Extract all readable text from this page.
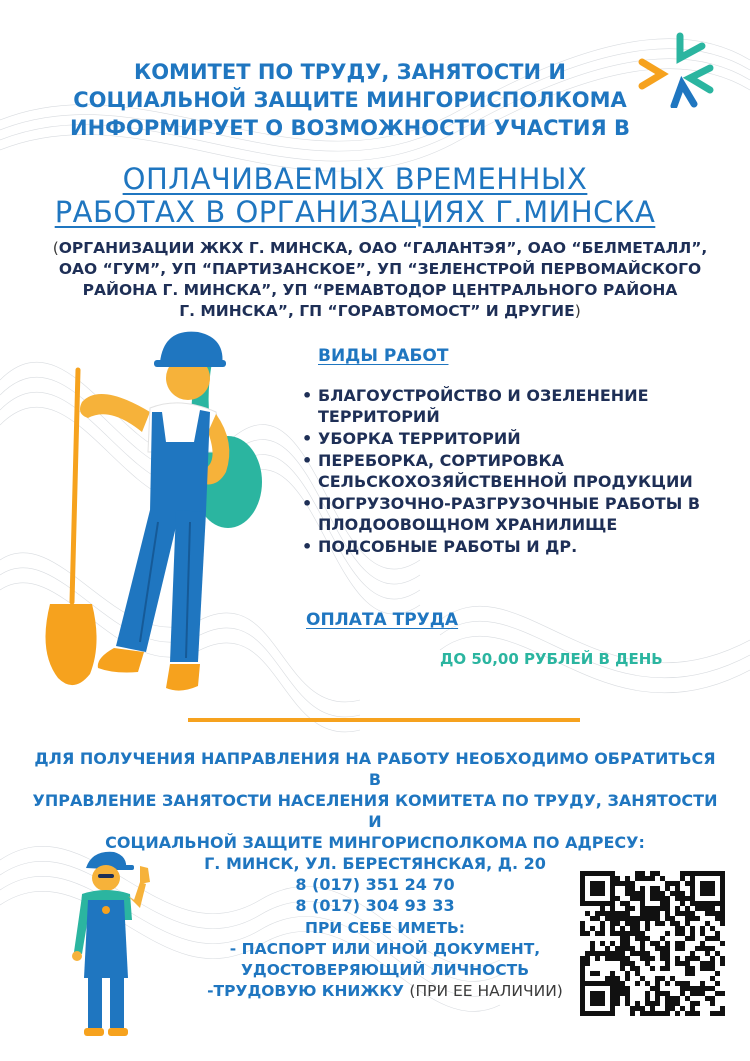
КОМИТЕТ ПО ТРУДУ, ЗАНЯТОСТИ И
СОЦИАЛЬНОЙ ЗАЩИТЕ МИНГОРИСПОЛКОМА
ИНФОРМИРУЕТ О ВОЗМОЖНОСТИ УЧАСТИЯ В
ОПЛАЧИВАЕМЫХ ВРЕМЕННЫХ
РАБОТАХ В ОРГАНИЗАЦИЯХ Г.МИНСКА
(ОРГАНИЗАЦИИ ЖКХ Г. МИНСКА, ОАО “ГАЛАНТЭЯ”, ОАО “БЕЛМЕТАЛЛ”,
ОАО “ГУМ”, УП “ПАРТИЗАНСКОЕ”, УП “ЗЕЛЕНСТРОЙ ПЕРВОМАЙСКОГО
РАЙОНА Г. МИНСКА”, УП “РЕМАВТОДОР ЦЕНТРАЛЬНОГО РАЙОНА
Г. МИНСКА”, ГП “ГОРАВТОМОСТ” И ДРУГИЕ)
ВИДЫ РАБОТ
• БЛАГОУСТРОЙСТВО И ОЗЕЛЕНЕНИЕ ТЕРРИТОРИЙ
• УБОРКА ТЕРРИТОРИЙ
• ПЕРЕБОРКА, СОРТИРОВКА СЕЛЬСКОХОЗЯЙСТВЕННОЙ ПРОДУКЦИИ
• ПОГРУЗОЧНО-РАЗГРУЗОЧНЫЕ РАБОТЫ В ПЛОДООВОЩНОМ ХРАНИЛИЩЕ
• ПОДСОБНЫЕ РАБОТЫ И ДР.
ОПЛАТА ТРУДА
ДО 50,00 РУБЛЕЙ В ДЕНЬ
ДЛЯ ПОЛУЧЕНИЯ НАПРАВЛЕНИЯ НА РАБОТУ НЕОБХОДИМО ОБРАТИТЬСЯ В
УПРАВЛЕНИЕ ЗАНЯТОСТИ НАСЕЛЕНИЯ КОМИТЕТА ПО ТРУДУ, ЗАНЯТОСТИ И
СОЦИАЛЬНОЙ ЗАЩИТЕ МИНГОРИСПОЛКОМА ПО АДРЕСУ:
Г. МИНСК, УЛ. БЕРЕСТЯНСКАЯ, Д. 20
8 (017) 351 24 70
8 (017) 304 93 33
ПРИ СЕБЕ ИМЕТЬ:
- ПАСПОРТ ИЛИ ИНОЙ ДОКУМЕНТ,
УДОСТОВЕРЯЮЩИЙ ЛИЧНОСТЬ
-ТРУДОВУЮ КНИЖКУ (ПРИ ЕЕ НАЛИЧИИ)
